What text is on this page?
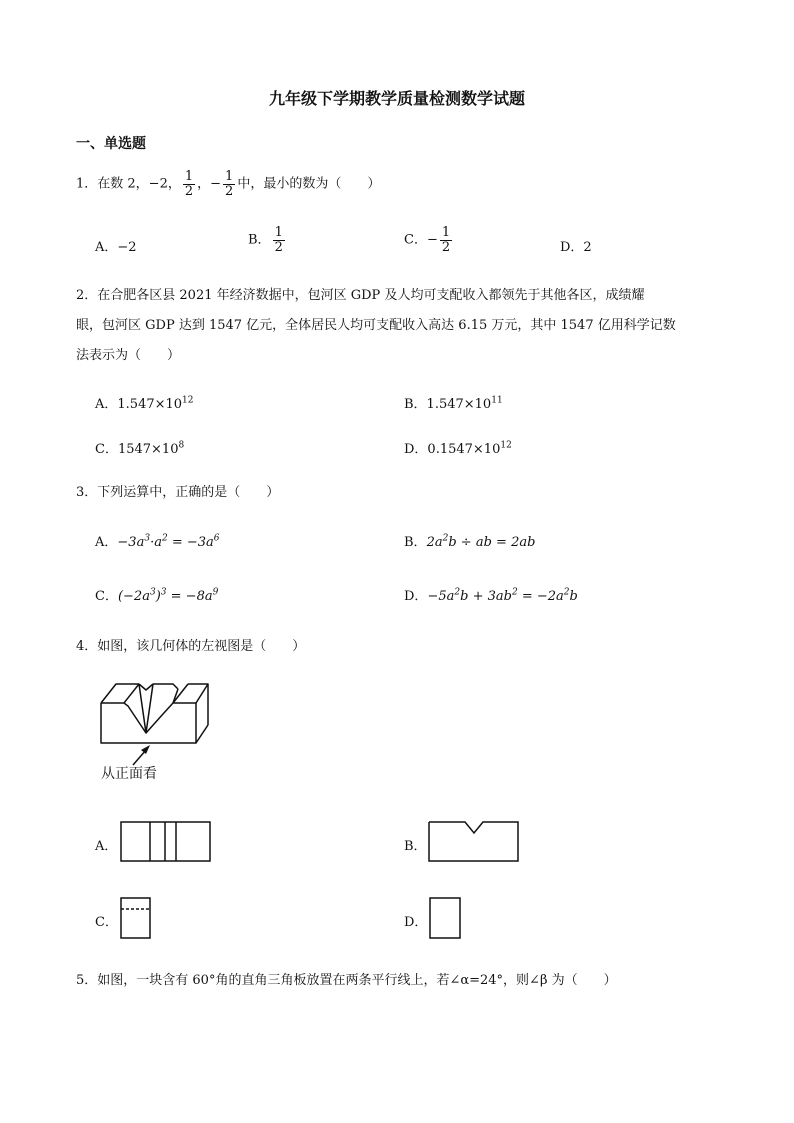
九年级下学期教学质量检测数学试题
一、单选题
1．在数 2，−2， $\frac{1}{2}$ ，− $\frac{1}{2}$ 中，最小的数为（　　）
A．−2	B． $\frac{1}{2}$	C．− $\frac{1}{2}$	D．2
2．在合肥各区县 2021 年经济数据中，包河区 GDP 及人均可支配收入都领先于其他各区，成绩耀
眼，包河区 GDP 达到 1547 亿元，全体居民人均可支配收入高达 6.15 万元，其中 1547 亿用科学记数
法表示为（　　）
A．$1.547\times 10^{12}$	B．$1.547\times 10^{11}$
C．$1547\times 10^8$	D．$0.1547\times 10^{12}$
3．下列运算中，正确的是（　　）
A．$-3a^3\cdot a^2 = -3a^6$	B．$2a^2b$ ÷ ab = 2ab
C．$(-2a^3)^3 = -8a^9$	D．$-5a^2b + 3ab^2 = -2a^2b$
4．如图，该几何体的左视图是（　　）
从正面看
A．	B．
C．	D．
5．如图，一块含有 60°角的直角三角板放置在两条平行线上，若∠α=24°，则∠β 为（　　）
